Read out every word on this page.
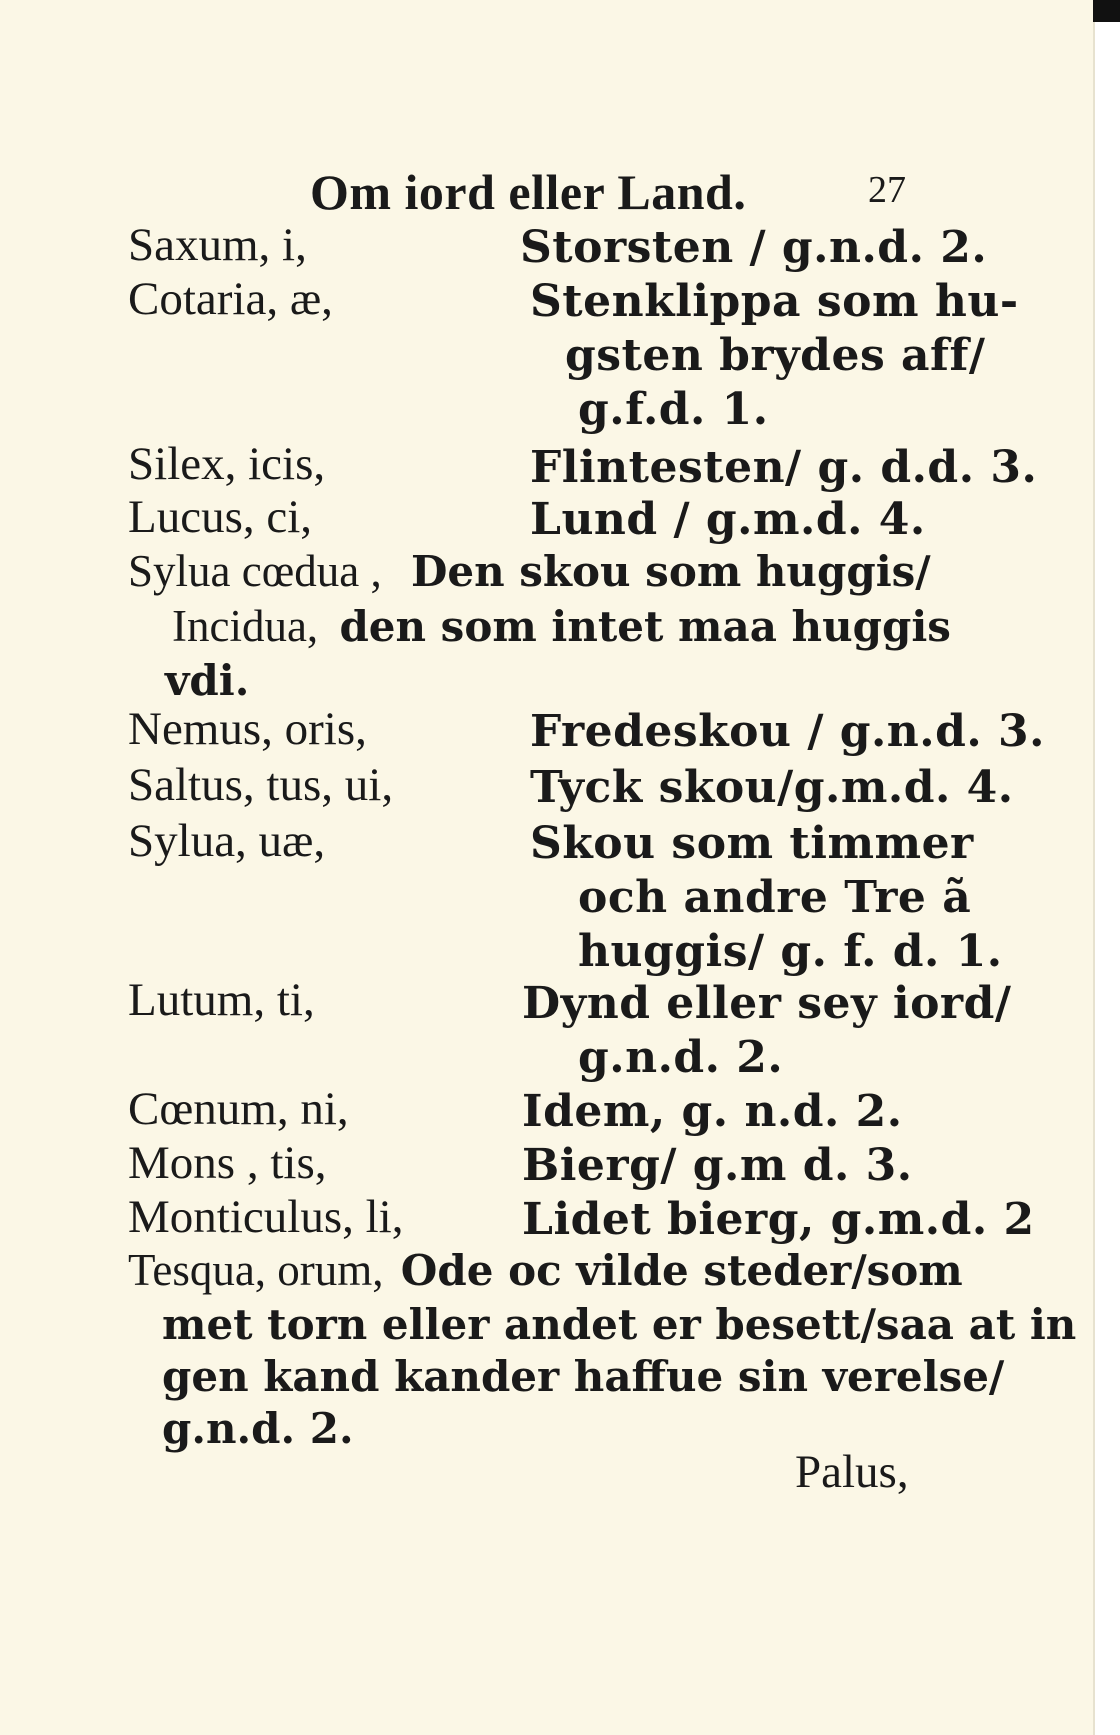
Om iord eller Land.	27
Saxum, i,	Storsten / g.n.d. 2.
Cotaria, æ,	Stenklippa som hu-
gsten brydes aff/
g.f.d. 1.
Silex, icis,	Flintesten/ g. d.d. 3.
Lucus, ci,	Lund / g.m.d. 4.
Sylua cœdua , Den skou som huggis/
Incidua, den som intet maa huggis
vdi.
Nemus, oris,	Fredeskou / g.n.d. 3.
Saltus, tus, ui,	Tyck skou/g.m.d. 4.
Sylua, uæ,	Skou som timmer
och andre Tre ã
huggis/ g. f. d. 1.
Lutum, ti,	Dynd eller sey iord/
g.n.d. 2.
Cœnum, ni,	Idem, g. n.d. 2.
Mons , tis,	Bierg/ g.m d. 3.
Monticulus, li,	Lidet bierg, g.m.d. 2
Tesqua, orum, Ode oc vilde steder/som
met torn eller andet er besett/saa at in
gen kand kander haffue sin verelse/
g.n.d. 2.
Palus,
